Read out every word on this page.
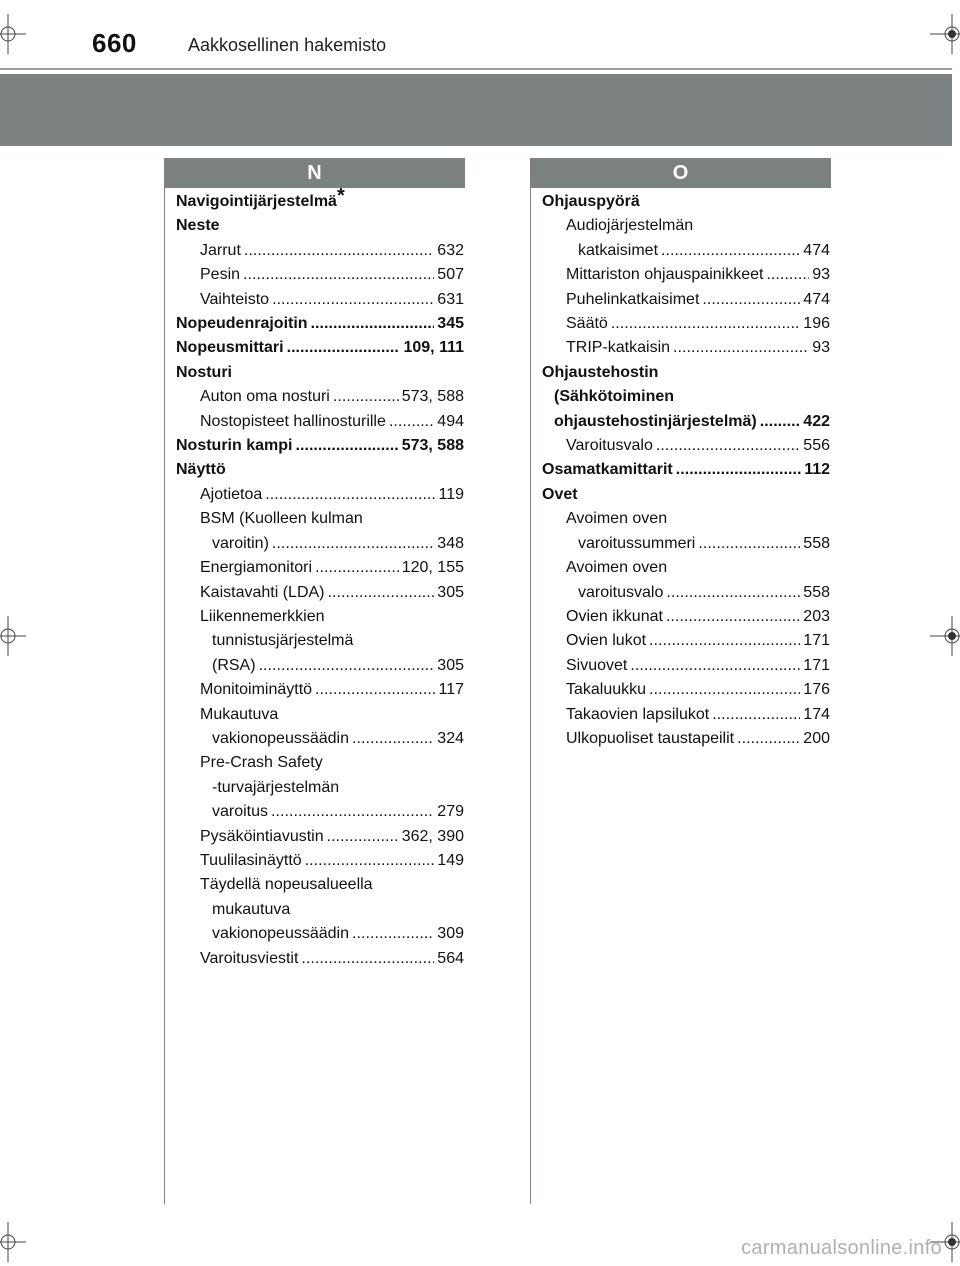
660	Aakkosellinen hakemisto
N	O
Navigointijärjestelmä*
Neste
Jarrut . . .	632
Pesin . . .	507
Vaihteisto . . .	631
Nopeudenrajoitin . . .	345
Nopeusmittari . . .	109, 111
Nosturi
Auton oma nosturi . . .	573, 588
Nostopisteet hallinosturille . . .	494
Nosturin kampi . . .	573, 588
Näyttö
Ajotietoa . . .	119
BSM (Kuolleen kulman
varoitin) . . .	348
Energiamonitori . . .	120, 155
Kaistavahti (LDA) . . .	305
Liikennemerkkien
tunnistusjärjestelmä
(RSA) . . .	305
Monitoiminäyttö . . .	117
Mukautuva
vakionopeussäädin . . .	324
Pre-Crash Safety
-turvajärjestelmän
varoitus . . .	279
Pysäköintiavustin . . .	362, 390
Tuulilasinäyttö . . .	149
Täydellä nopeusalueella
mukautuva
vakionopeussäädin . . .	309
Varoitusviestit . . .	564
Ohjauspyörä
Audiojärjestelmän
katkaisimet . . .	474
Mittariston ohjauspainikkeet . . .	93
Puhelinkatkaisimet . . .	474
Säätö . . .	196
TRIP-katkaisin . . .	93
Ohjaustehostin
(Sähkötoiminen
ohjaustehostinjärjestelmä) . . .	422
Varoitusvalo . . .	556
Osamatkamittarit . . .	112
Ovet
Avoimen oven
varoitussummeri . . .	558
Avoimen oven
varoitusvalo . . .	558
Ovien ikkunat . . .	203
Ovien lukot . . .	171
Sivuovet . . .	171
Takaluukku . . .	176
Takaovien lapsilukot . . .	174
Ulkopuoliset taustapeilit . . .	200
carmanualsonline.info
